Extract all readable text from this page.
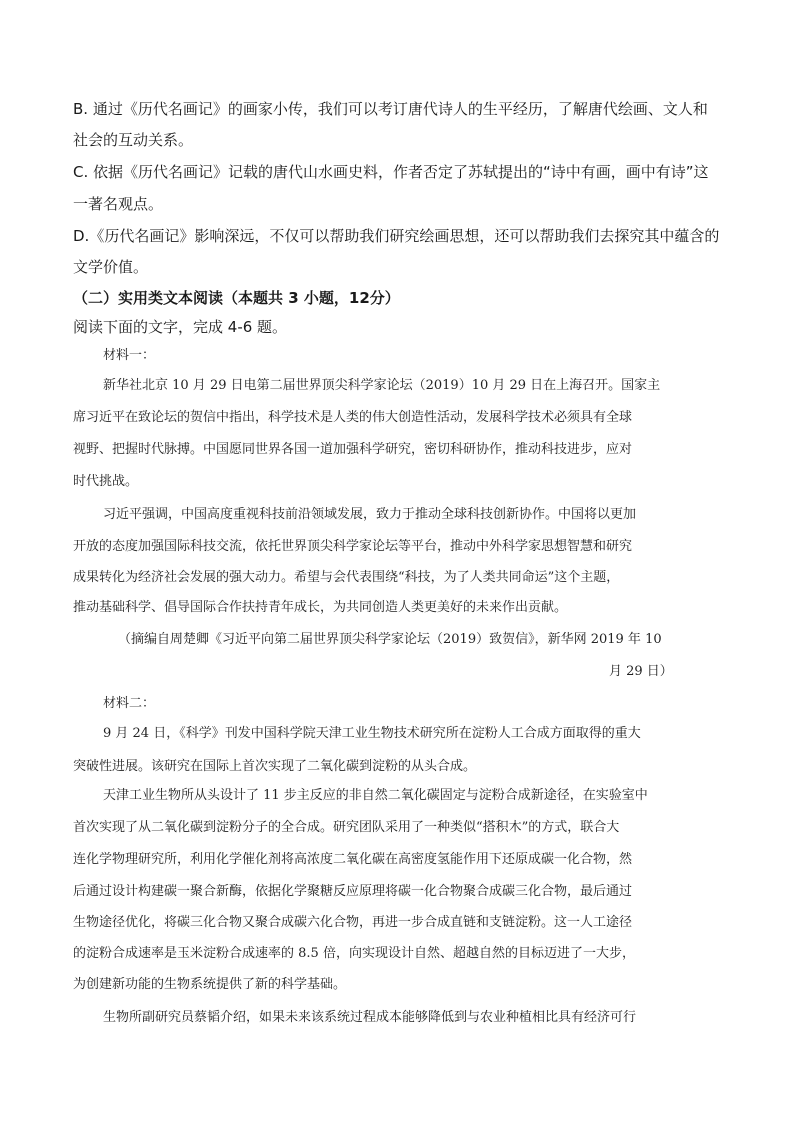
B. 通过《历代名画记》的画家小传，我们可以考订唐代诗人的生平经历，了解唐代绘画、文人和
社会的互动关系。
C. 依据《历代名画记》记载的唐代山水画史料，作者否定了苏轼提出的“诗中有画，画中有诗”这
一著名观点。
D.《历代名画记》影响深远，不仅可以帮助我们研究绘画思想，还可以帮助我们去探究其中蕴含的
文学价值。
（二）实用类文本阅读（本题共 3 小题，12分）
阅读下面的文字，完成 4-6 题。
材料一：
新华社北京 10 月 29 日电第二届世界顶尖科学家论坛（2019）10 月 29 日在上海召开。国家主
席习近平在致论坛的贺信中指出，科学技术是人类的伟大创造性活动，发展科学技术必须具有全球
视野、把握时代脉搏。中国愿同世界各国一道加强科学研究，密切科研协作，推动科技进步，应对
时代挑战。
习近平强调，中国高度重视科技前沿领域发展，致力于推动全球科技创新协作。中国将以更加
开放的态度加强国际科技交流，依托世界顶尖科学家论坛等平台，推动中外科学家思想智慧和研究
成果转化为经济社会发展的强大动力。希望与会代表围绕“科技，为了人类共同命运”这个主题，
推动基础科学、倡导国际合作扶持青年成长，为共同创造人类更美好的未来作出贡献。
（摘编自周楚卿《习近平向第二届世界顶尖科学家论坛（2019）致贺信》，新华网 2019 年 10
月 29 日）
材料二：
9 月 24 日，《科学》刊发中国科学院天津工业生物技术研究所在淀粉人工合成方面取得的重大
突破性进展。该研究在国际上首次实现了二氧化碳到淀粉的从头合成。
天津工业生物所从头设计了 11 步主反应的非自然二氧化碳固定与淀粉合成新途径，在实验室中
首次实现了从二氧化碳到淀粉分子的全合成。研究团队采用了一种类似“搭积木”的方式，联合大
连化学物理研究所，利用化学催化剂将高浓度二氧化碳在高密度氢能作用下还原成碳一化合物，然
后通过设计构建碳一聚合新酶，依据化学聚糖反应原理将碳一化合物聚合成碳三化合物，最后通过
生物途径优化，将碳三化合物又聚合成碳六化合物，再进一步合成直链和支链淀粉。这一人工途径
的淀粉合成速率是玉米淀粉合成速率的 8.5 倍，向实现设计自然、超越自然的目标迈进了一大步，
为创建新功能的生物系统提供了新的科学基础。
生物所副研究员蔡韬介绍，如果未来该系统过程成本能够降低到与农业种植相比具有经济可行
